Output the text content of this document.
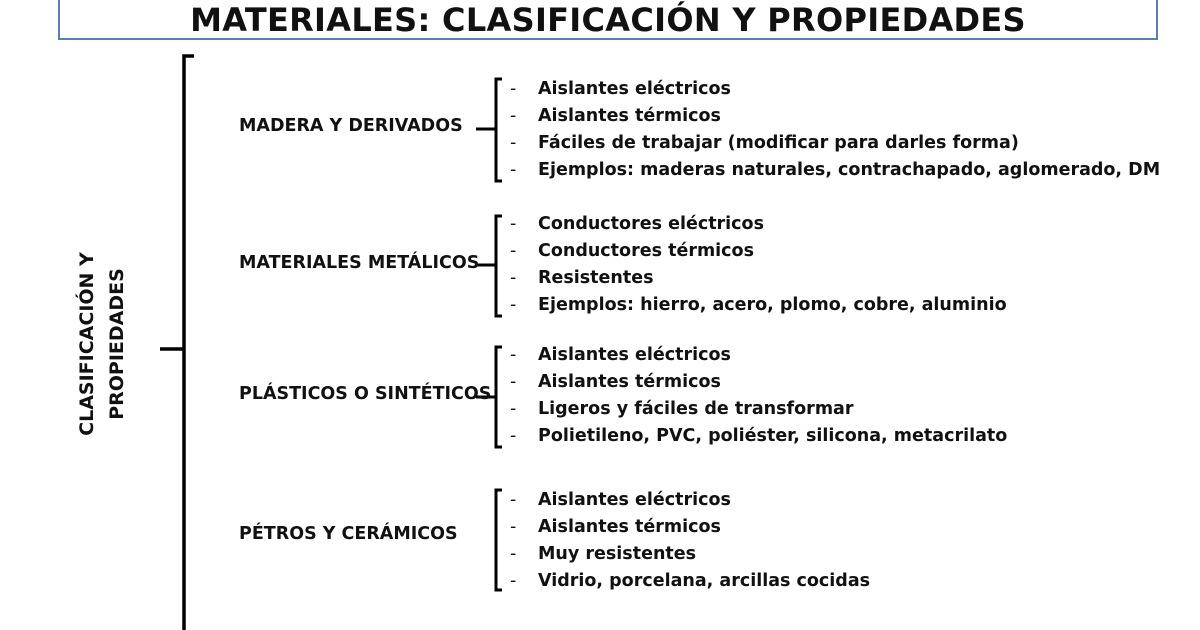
MATERIALES: CLASIFICACIÓN Y PROPIEDADES
CLASIFICACIÓN Y PROPIEDADES
MADERA Y DERIVADOS
- Aislantes eléctricos
- Aislantes térmicos
- Fáciles de trabajar (modificar para darles forma)
- Ejemplos: maderas naturales, contrachapado, aglomerado, DM
MATERIALES METÁLICOS
- Conductores eléctricos
- Conductores térmicos
- Resistentes
- Ejemplos: hierro, acero, plomo, cobre, aluminio
PLÁSTICOS O SINTÉTICOS
- Aislantes eléctricos
- Aislantes térmicos
- Ligeros y fáciles de transformar
- Polietileno, PVC, poliéster, silicona, metacrilato
PÉTROS Y CERÁMICOS
- Aislantes eléctricos
- Aislantes térmicos
- Muy resistentes
- Vidrio, porcelana, arcillas cocidas
